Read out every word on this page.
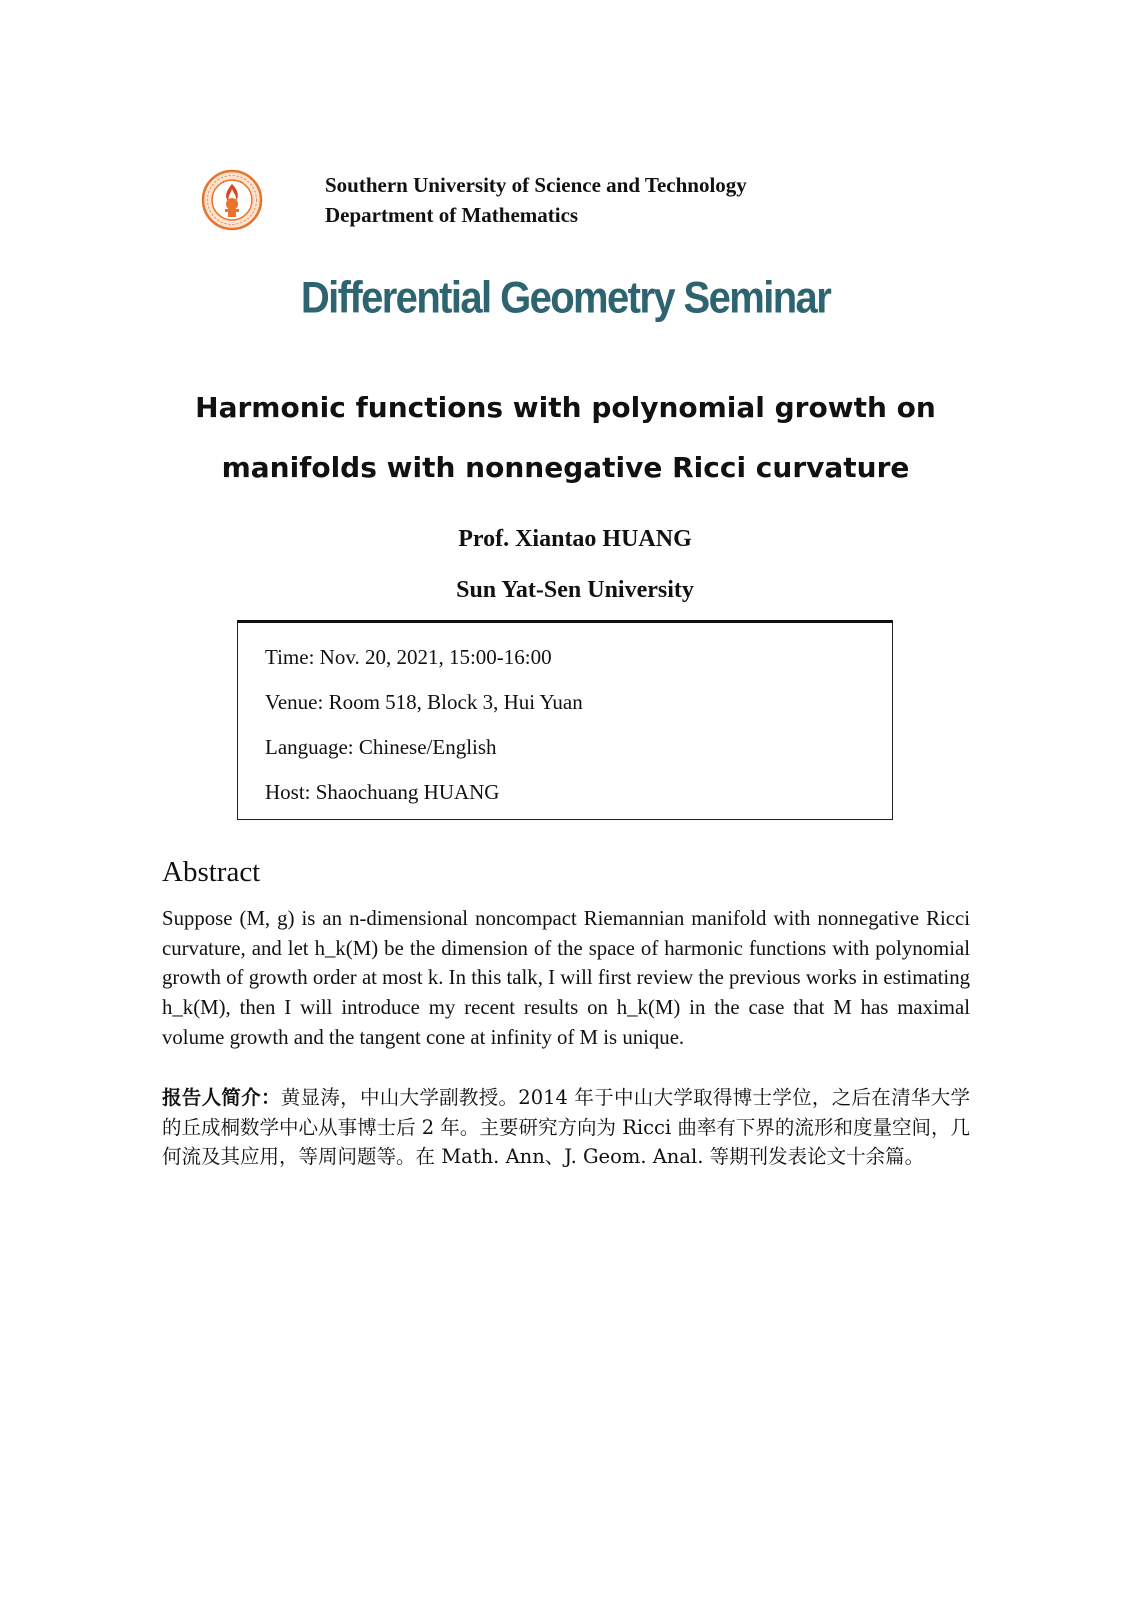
Southern University of Science and Technology
Department of Mathematics
Differential Geometry Seminar
Harmonic functions with polynomial growth on
manifolds with nonnegative Ricci curvature
Prof. Xiantao HUANG
Sun Yat-Sen University
Time: Nov. 20, 2021, 15:00-16:00
Venue: Room 518, Block 3, Hui Yuan
Language: Chinese/English
Host: Shaochuang HUANG
Abstract
Suppose (M, g) is an n-dimensional noncompact Riemannian manifold with nonnegative Ricci curvature, and let h_k(M) be the dimension of the space of harmonic functions with polynomial growth of growth order at most k. In this talk, I will first review the previous works in estimating h_k(M), then I will introduce my recent results on h_k(M) in the case that M has maximal volume growth and the tangent cone at infinity of M is unique.
报告人简介：黄显涛，中山大学副教授。2014 年于中山大学取得博士学位，之后在清华大学的丘成桐数学中心从事博士后 2 年。主要研究方向为 Ricci 曲率有下界的流形和度量空间，几何流及其应用，等周问题等。在 Math. Ann、J. Geom. Anal. 等期刊发表论文十余篇。
